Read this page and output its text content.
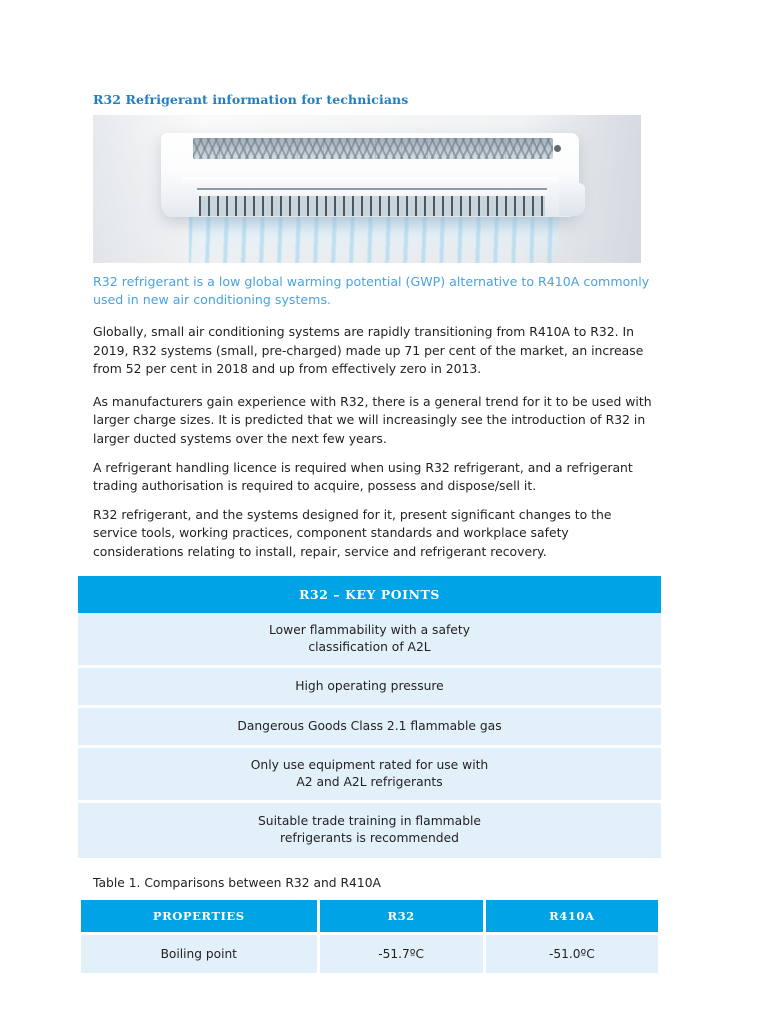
R32 Refrigerant information for technicians

R32 refrigerant is a low global warming potential (GWP) alternative to R410A commonly used in new air conditioning systems.

Globally, small air conditioning systems are rapidly transitioning from R410A to R32. In 2019, R32 systems (small, pre-charged) made up 71 per cent of the market, an increase from 52 per cent in 2018 and up from effectively zero in 2013.

As manufacturers gain experience with R32, there is a general trend for it to be used with larger charge sizes. It is predicted that we will increasingly see the introduction of R32 in larger ducted systems over the next few years.

A refrigerant handling licence is required when using R32 refrigerant, and a refrigerant trading authorisation is required to acquire, possess and dispose/sell it.

R32 refrigerant, and the systems designed for it, present significant changes to the service tools, working practices, component standards and workplace safety considerations relating to install, repair, service and refrigerant recovery.

R32 – KEY POINTS
Lower flammability with a safety
classification of A2L
High operating pressure
Dangerous Goods Class 2.1 flammable gas
Only use equipment rated for use with
A2 and A2L refrigerants
Suitable trade training in flammable
refrigerants is recommended
Table 1. Comparisons between R32 and R410A
PROPERTIES	R32	R410A
Boiling point	-51.7ºC	-51.0ºC
